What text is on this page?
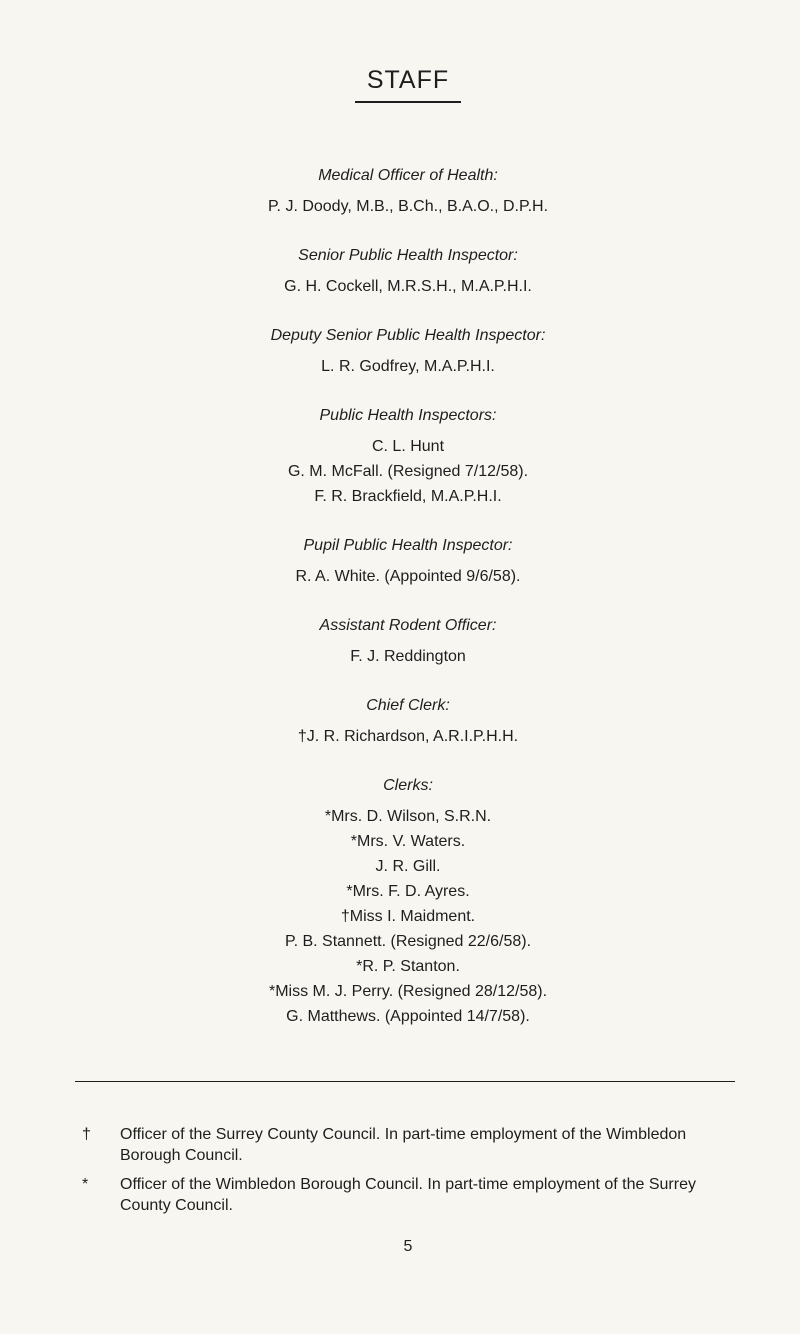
STAFF
Medical Officer of Health:
P. J. Doody, M.B., B.Ch., B.A.O., D.P.H.
Senior Public Health Inspector:
G. H. Cockell, M.R.S.H., M.A.P.H.I.
Deputy Senior Public Health Inspector:
L. R. Godfrey, M.A.P.H.I.
Public Health Inspectors:
C. L. Hunt
G. M. McFall. (Resigned 7/12/58).
F. R. Brackfield, M.A.P.H.I.
Pupil Public Health Inspector:
R. A. White. (Appointed 9/6/58).
Assistant Rodent Officer:
F. J. Reddington
Chief Clerk:
†J. R. Richardson, A.R.I.P.H.H.
Clerks:
*Mrs. D. Wilson, S.R.N.
*Mrs. V. Waters.
J. R. Gill.
*Mrs. F. D. Ayres.
†Miss I. Maidment.
P. B. Stannett. (Resigned 22/6/58).
*R. P. Stanton.
*Miss M. J. Perry. (Resigned 28/12/58).
G. Matthews. (Appointed 14/7/58).
†	Officer of the Surrey County Council. In part-time employment of the Wimbledon Borough Council.
*	Officer of the Wimbledon Borough Council. In part-time employment of the Surrey County Council.
5
